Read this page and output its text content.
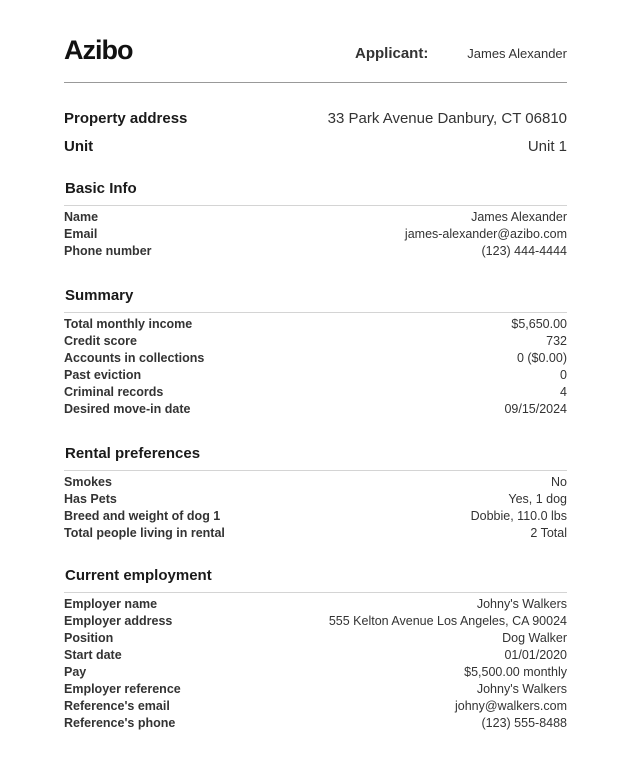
Azibo	Applicant:	James Alexander
Property address	33 Park Avenue Danbury, CT 06810
Unit	Unit 1
Basic Info
Name	James Alexander
Email	james-alexander@azibo.com
Phone number	(123) 444-4444
Summary
Total monthly income	$5,650.00
Credit score	732
Accounts in collections	0 ($0.00)
Past eviction	0
Criminal records	4
Desired move-in date	09/15/2024
Rental preferences
Smokes	No
Has Pets	Yes, 1 dog
Breed and weight of dog 1	Dobbie, 110.0 lbs
Total people living in rental	2 Total
Current employment
Employer name	Johny's Walkers
Employer address	555 Kelton Avenue Los Angeles, CA 90024
Position	Dog Walker
Start date	01/01/2020
Pay	$5,500.00 monthly
Employer reference	Johny's Walkers
Reference's email	johny@walkers.com
Reference's phone	(123) 555-8488
